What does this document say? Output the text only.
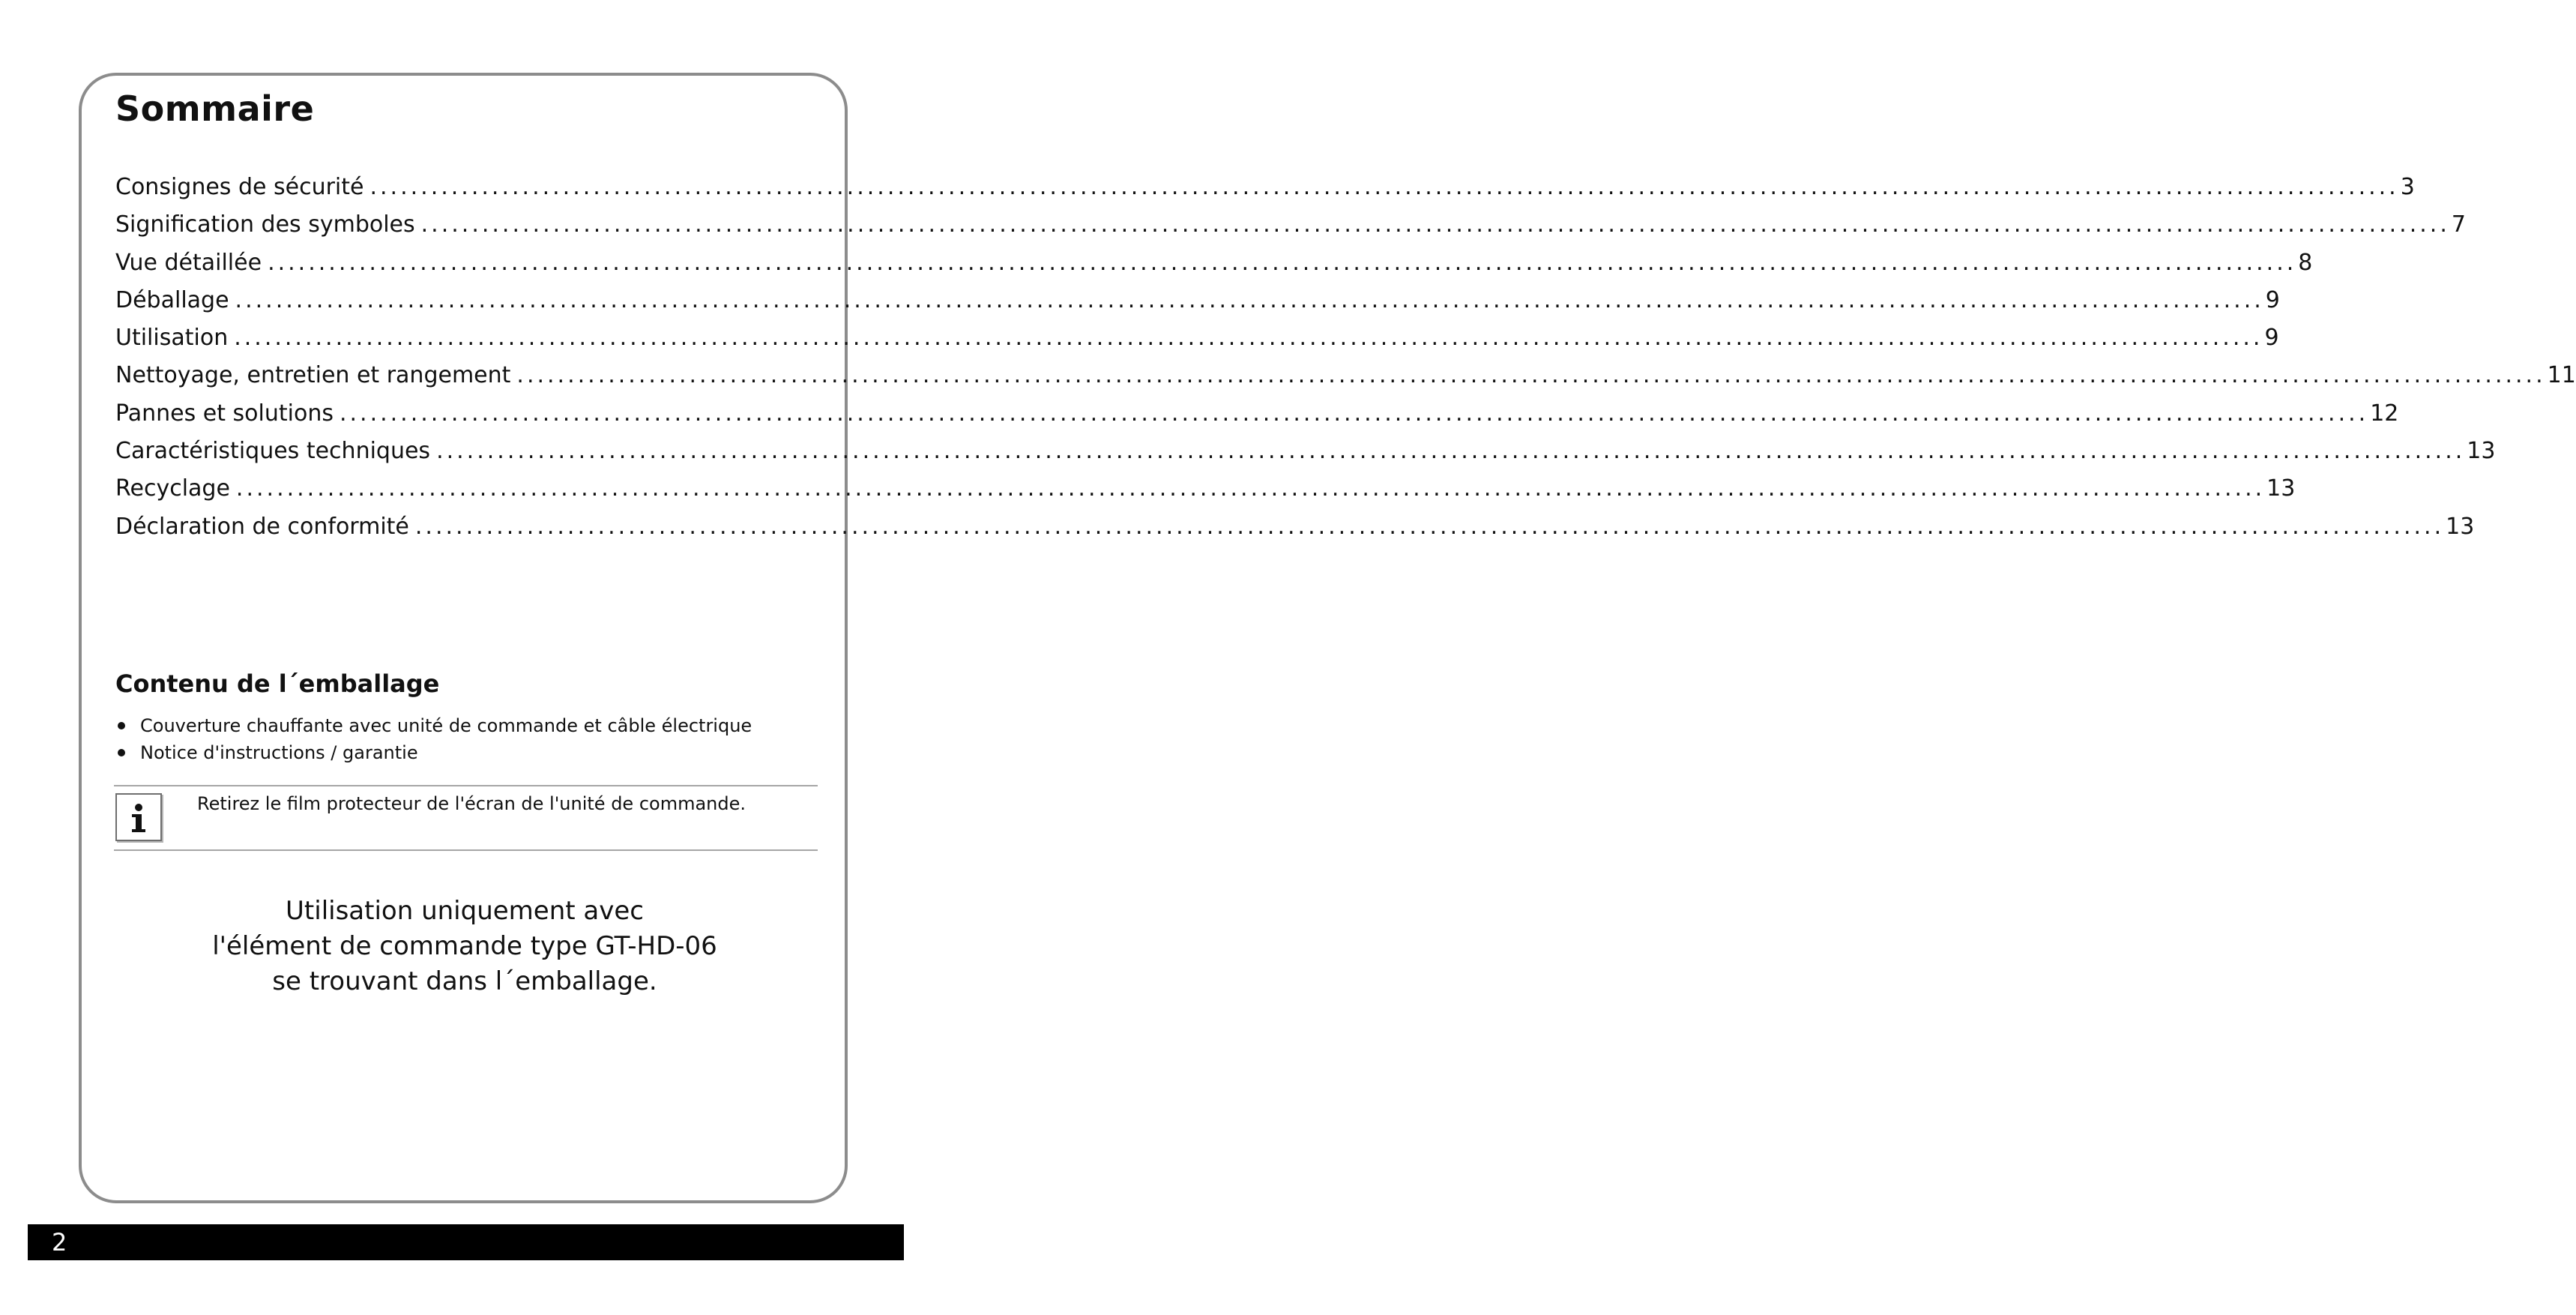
Sommaire
Consignes de sécurité ........................................................................................................................................................................................................ 3
Signification des symboles ........................................................................................................................................................................................................ 7
Vue détaillée ........................................................................................................................................................................................................ 8
Déballage ........................................................................................................................................................................................................ 9
Utilisation ........................................................................................................................................................................................................ 9
Nettoyage, entretien et rangement ........................................................................................................................................................................................................ 11
Pannes et solutions ........................................................................................................................................................................................................ 12
Caractéristiques techniques ........................................................................................................................................................................................................ 13
Recyclage ........................................................................................................................................................................................................ 13
Déclaration de conformité ........................................................................................................................................................................................................ 13
Contenu de l´emballage
Couverture chauffante avec unité de commande et câble électrique
Notice d'instructions / garantie
Retirez le film protecteur de l'écran de l'unité de commande.
Utilisation uniquement avec
l'élément de commande type GT-HD-06
se trouvant dans l´emballage.
2
